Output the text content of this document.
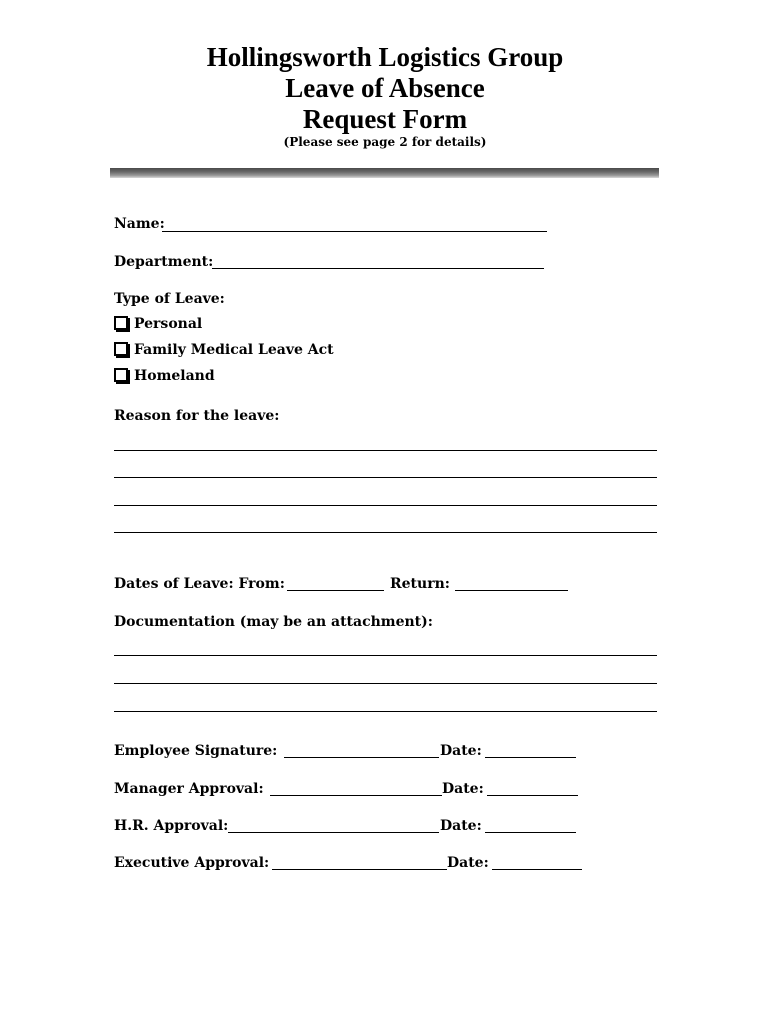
Hollingsworth Logistics Group
Leave of Absence
Request Form
(Please see page 2 for details)
Name:
Department:
Type of Leave:
Personal
Family Medical Leave Act
Homeland
Reason for the leave:
Dates of Leave: From:	Return:
Documentation (may be an attachment):
Employee Signature:	Date:
Manager Approval:	Date:
H.R. Approval:	Date:
Executive Approval:	Date:
